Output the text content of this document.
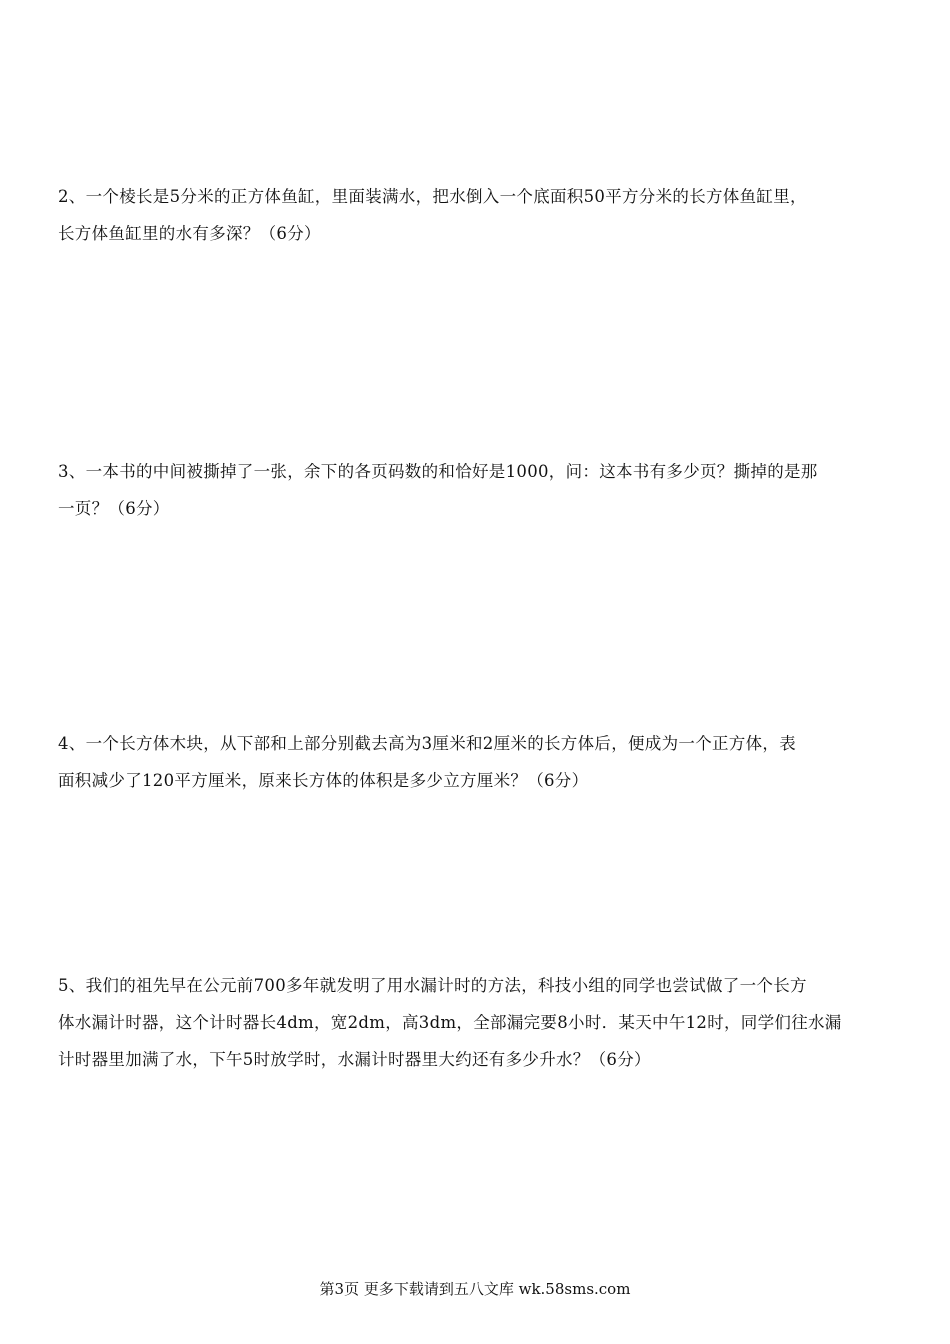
2、一个棱长是5分米的正方体鱼缸，里面装满水，把水倒入一个底面积50平方分米的长方体鱼缸里，
长方体鱼缸里的水有多深？（6分）
3、一本书的中间被撕掉了一张，余下的各页码数的和恰好是1000，问：这本书有多少页？撕掉的是那
一页？（6分）
4、一个长方体木块，从下部和上部分别截去高为3厘米和2厘米的长方体后，便成为一个正方体，表
面积减少了120平方厘米，原来长方体的体积是多少立方厘米？（6分）
5、我们的祖先早在公元前700多年就发明了用水漏计时的方法，科技小组的同学也尝试做了一个长方
体水漏计时器，这个计时器长4dm，宽2dm，高3dm，全部漏完要8小时．某天中午12时，同学们往水漏
计时器里加满了水，下午5时放学时，水漏计时器里大约还有多少升水？（6分）
第3页 更多下载请到五八文库 wk.58sms.com
